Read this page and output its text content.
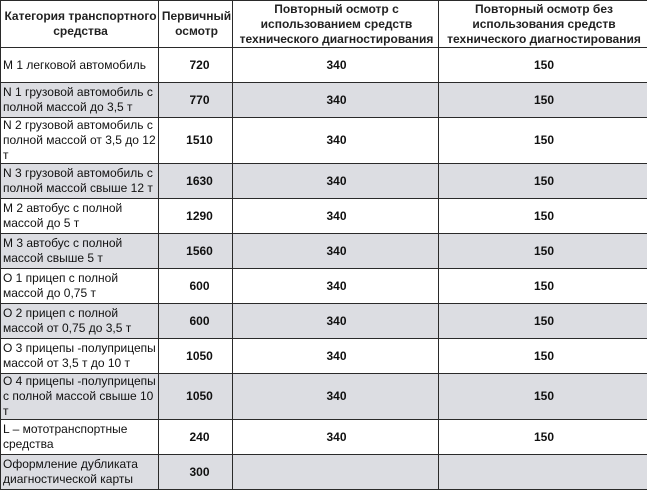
Категория транспортного средства	Первичный осмотр	Повторный осмотр с использованием средств технического диагностирования	Повторный осмотр без использования средств технического диагностирования
М 1 легковой автомобиль	720	340	150
N 1 грузовой автомобиль с полной массой до 3,5 т	770	340	150
N 2 грузовой автомобиль с полной массой от 3,5 до 12 т	1510	340	150
N 3 грузовой автомобиль с полной массой свыше 12 т	1630	340	150
М 2 автобус с полной массой до 5 т	1290	340	150
М 3 автобус с полной массой свыше 5 т	1560	340	150
О 1 прицеп с полной массой до 0,75 т	600	340	150
О 2 прицеп с полной массой от 0,75 до 3,5 т	600	340	150
О 3 прицепы -полуприцепы массой от 3,5 т до 10 т	1050	340	150
О 4 прицепы -полуприцепы с полной массой свыше 10 т	1050	340	150
L – мототранспортные средства	240	340	150
Оформление дубликата диагностической карты	300		
